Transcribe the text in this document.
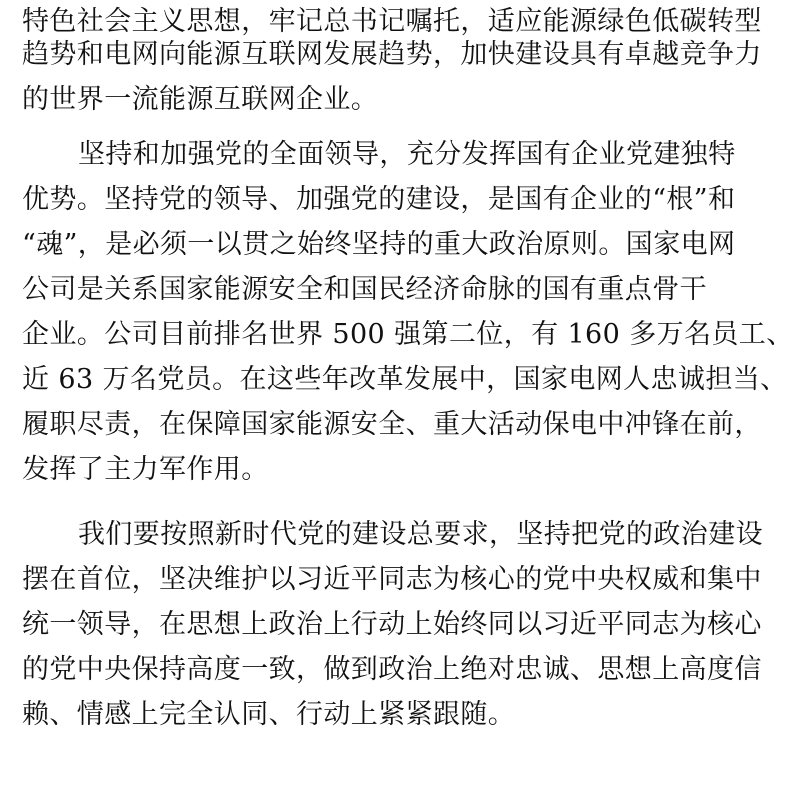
特色社会主义思想，牢记总书记嘱托，适应能源绿色低碳转型
趋势和电网向能源互联网发展趋势，加快建设具有卓越竞争力
的世界一流能源互联网企业。
坚持和加强党的全面领导，充分发挥国有企业党建独特
优势。坚持党的领导、加强党的建设，是国有企业的“根”和
“魂”，是必须一以贯之始终坚持的重大政治原则。国家电网
公司是关系国家能源安全和国民经济命脉的国有重点骨干
企业。公司目前排名世界 500 强第二位，有 160 多万名员工、
近 63 万名党员。在这些年改革发展中，国家电网人忠诚担当、
履职尽责，在保障国家能源安全、重大活动保电中冲锋在前，
发挥了主力军作用。
我们要按照新时代党的建设总要求，坚持把党的政治建设
摆在首位，坚决维护以习近平同志为核心的党中央权威和集中
统一领导，在思想上政治上行动上始终同以习近平同志为核心
的党中央保持高度一致，做到政治上绝对忠诚、思想上高度信
赖、情感上完全认同、行动上紧紧跟随。
